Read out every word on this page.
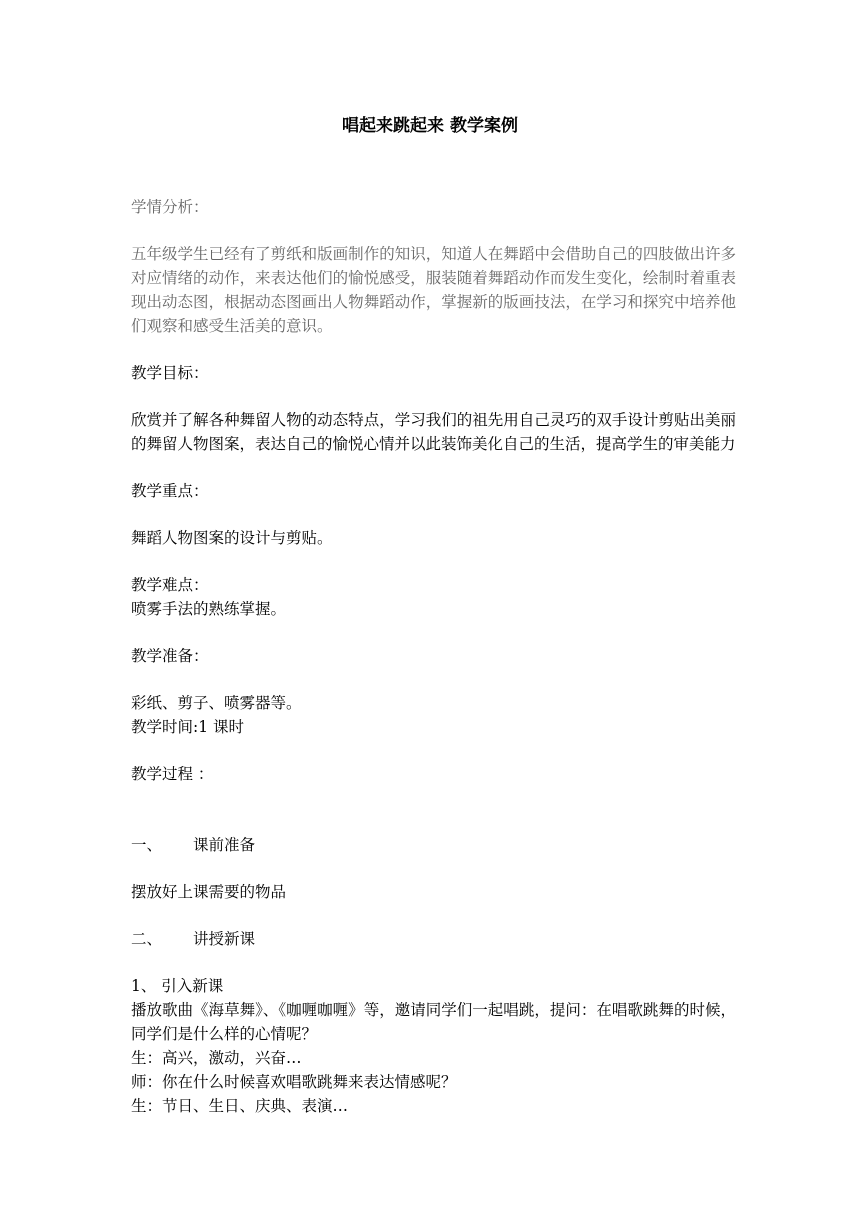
唱起来跳起来 教学案例

学情分析：

五年级学生已经有了剪纸和版画制作的知识，知道人在舞蹈中会借助自己的四肢做出许多对应情绪的动作，来表达他们的愉悦感受，服装随着舞蹈动作而发生变化，绘制时着重表现出动态图，根据动态图画出人物舞蹈动作，掌握新的版画技法，在学习和探究中培养他们观察和感受生活美的意识。

教学目标：

欣赏并了解各种舞留人物的动态特点，学习我们的祖先用自己灵巧的双手设计剪贴出美丽的舞留人物图案，表达自己的愉悦心情并以此装饰美化自己的生活，提高学生的审美能力

教学重点：

舞蹈人物图案的设计与剪贴。

教学难点：

喷雾手法的熟练掌握。

教学准备：

彩纸、剪子、喷雾器等。

教学时间:1 课时

教学过程 ：

一、	课前准备

摆放好上课需要的物品

二、	讲授新课

1、 引入新课

播放歌曲《海草舞》、《咖喱咖喱》等，邀请同学们一起唱跳，提问：在唱歌跳舞的时候，同学们是什么样的心情呢？

生：高兴，激动，兴奋…

师：你在什么时候喜欢唱歌跳舞来表达情感呢？

生：节日、生日、庆典、表演…
